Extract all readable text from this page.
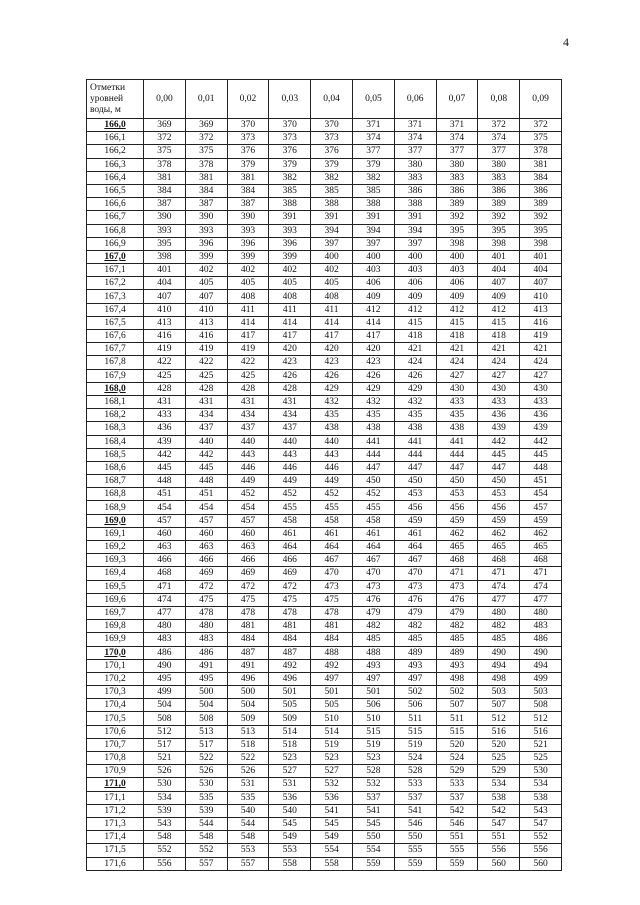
4
Отметки уровней воды, м	0,00	0,01	0,02	0,03	0,04	0,05	0,06	0,07	0,08	0,09
166,0	369	369	370	370	370	371	371	371	372	372
166,1	372	372	373	373	373	374	374	374	374	375
166,2	375	375	376	376	376	377	377	377	377	378
166,3	378	378	379	379	379	379	380	380	380	381
166,4	381	381	381	382	382	382	383	383	383	384
166,5	384	384	384	385	385	385	386	386	386	386
166,6	387	387	387	388	388	388	388	389	389	389
166,7	390	390	390	391	391	391	391	392	392	392
166,8	393	393	393	393	394	394	394	395	395	395
166,9	395	396	396	396	397	397	397	398	398	398
167,0	398	399	399	399	400	400	400	400	401	401
167,1	401	402	402	402	402	403	403	403	404	404
167,2	404	405	405	405	405	406	406	406	407	407
167,3	407	407	408	408	408	409	409	409	409	410
167,4	410	410	411	411	411	412	412	412	412	413
167,5	413	413	414	414	414	414	415	415	415	416
167,6	416	416	417	417	417	417	418	418	418	419
167,7	419	419	419	420	420	420	421	421	421	421
167,8	422	422	422	423	423	423	424	424	424	424
167,9	425	425	425	426	426	426	426	427	427	427
168,0	428	428	428	428	429	429	429	430	430	430
168,1	431	431	431	431	432	432	432	433	433	433
168,2	433	434	434	434	435	435	435	435	436	436
168,3	436	437	437	437	438	438	438	438	439	439
168,4	439	440	440	440	440	441	441	441	442	442
168,5	442	442	443	443	443	444	444	444	445	445
168,6	445	445	446	446	446	447	447	447	447	448
168,7	448	448	449	449	449	450	450	450	450	451
168,8	451	451	452	452	452	452	453	453	453	454
168,9	454	454	454	455	455	455	456	456	456	457
169,0	457	457	457	458	458	458	459	459	459	459
169,1	460	460	460	461	461	461	461	462	462	462
169,2	463	463	463	464	464	464	464	465	465	465
169,3	466	466	466	466	467	467	467	468	468	468
169,4	468	469	469	469	470	470	470	471	471	471
169,5	471	472	472	472	473	473	473	473	474	474
169,6	474	475	475	475	475	476	476	476	477	477
169,7	477	478	478	478	478	479	479	479	480	480
169,8	480	480	481	481	481	482	482	482	482	483
169,9	483	483	484	484	484	485	485	485	485	486
170,0	486	486	487	487	488	488	489	489	490	490
170,1	490	491	491	492	492	493	493	493	494	494
170,2	495	495	496	496	497	497	497	498	498	499
170,3	499	500	500	501	501	501	502	502	503	503
170,4	504	504	504	505	505	506	506	507	507	508
170,5	508	508	509	509	510	510	511	511	512	512
170,6	512	513	513	514	514	515	515	515	516	516
170,7	517	517	518	518	519	519	519	520	520	521
170,8	521	522	522	523	523	523	524	524	525	525
170,9	526	526	526	527	527	528	528	529	529	530
171,0	530	530	531	531	532	532	533	533	534	534
171,1	534	535	535	536	536	537	537	537	538	538
171,2	539	539	540	540	541	541	541	542	542	543
171,3	543	544	544	545	545	545	546	546	547	547
171,4	548	548	548	549	549	550	550	551	551	552
171,5	552	552	553	553	554	554	555	555	556	556
171,6	556	557	557	558	558	559	559	559	560	560
